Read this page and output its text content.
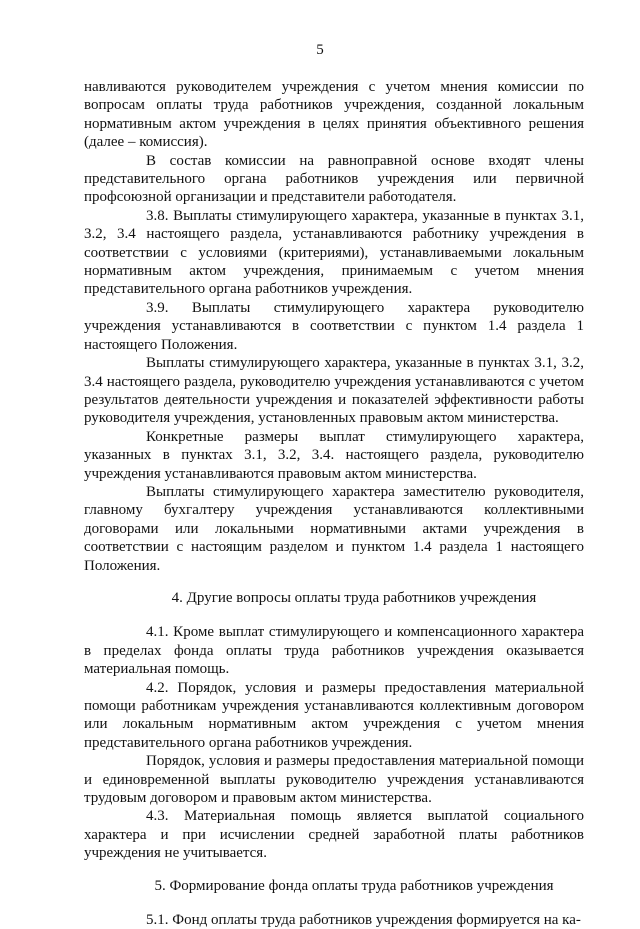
5

навливаются руководителем учреждения с учетом мнения комиссии по вопросам оплаты труда работников учреждения, созданной локальным нормативным актом учреждения в целях принятия объективного решения (далее – комиссия).

В состав комиссии на равноправной основе входят члены представительного органа работников учреждения или первичной профсоюзной организации и представители работодателя.

3.8. Выплаты стимулирующего характера, указанные в пунктах 3.1, 3.2, 3.4 настоящего раздела, устанавливаются работнику учреждения в соответствии с условиями (критериями), устанавливаемыми локальным нормативным актом учреждения, принимаемым с учетом мнения представительного органа работников учреждения.

3.9. Выплаты стимулирующего характера руководителю учреждения устанавливаются в соответствии с пунктом 1.4 раздела 1 настоящего Положения.

Выплаты стимулирующего характера, указанные в пунктах 3.1, 3.2, 3.4 настоящего раздела, руководителю учреждения устанавливаются с учетом результатов деятельности учреждения и показателей эффективности работы руководителя учреждения, установленных правовым актом министерства.

Конкретные размеры выплат стимулирующего характера, указанных в пунктах 3.1, 3.2, 3.4. настоящего раздела, руководителю учреждения устанавливаются правовым актом министерства.

Выплаты стимулирующего характера заместителю руководителя, главному бухгалтеру учреждения устанавливаются коллективными договорами или локальными нормативными актами учреждения в соответствии с настоящим разделом и пунктом 1.4 раздела 1 настоящего Положения.

4. Другие вопросы оплаты труда работников учреждения

4.1. Кроме выплат стимулирующего и компенсационного характера в пределах фонда оплаты труда работников учреждения оказывается материальная помощь.

4.2. Порядок, условия и размеры предоставления материальной помощи работникам учреждения устанавливаются коллективным договором или локальным нормативным актом учреждения с учетом мнения представительного органа работников учреждения.

Порядок, условия и размеры предоставления материальной помощи и единовременной выплаты руководителю учреждения устанавливаются трудовым договором и правовым актом министерства.

4.3. Материальная помощь является выплатой социального характера и при исчислении средней заработной платы работников учреждения не учитывается.

5. Формирование фонда оплаты труда работников учреждения

5.1. Фонд оплаты труда работников учреждения формируется на ка-
